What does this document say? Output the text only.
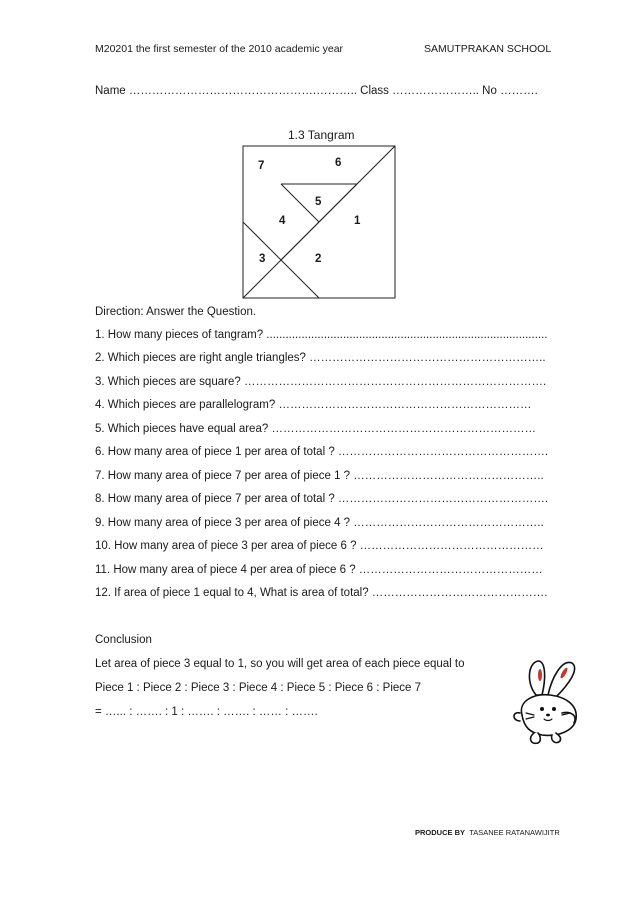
M20201 the first semester of the 2010 academic year	SAMUTPRAKAN SCHOOL
Name ………………………………………….……….. Class ………………….. No ……….
1.3 Tangram
7	6
5
4	1
3	2
Direction: Answer the Question.
1. How many pieces of tangram? ........................................................................................
2. Which pieces are right angle triangles? ……………………………………………………..
3. Which pieces are square? …………………………………………………………………….
4. Which pieces are parallelogram? …………………………………………………………
5. Which pieces have equal area? ……………………………………………………………
6. How many area of piece 1 per area of total ? ……………………………………………….
7. How many area of piece 7 per area of piece 1 ? …………………………………………..
8. How many area of piece 7 per area of total ? ……………………………………………….
9. How many area of piece 3 per area of piece 4 ? …………………………………………..
10. How many area of piece 3 per area of piece 6 ? …………………………………………
11. How many area of piece 4 per area of piece 6 ? …………………………………………
12. If area of piece 1 equal to 4, What is area of total? ……………………………………….
Conclusion
Let area of piece 3 equal to 1, so you will get area of each piece equal to
Piece 1 : Piece 2 : Piece 3 : Piece 4 : Piece 5 : Piece 6 : Piece 7
= …... : ……. : 1 : ……. : ……. : …… : …….
PRODUCE BY TASANEE RATANAWIJITR
